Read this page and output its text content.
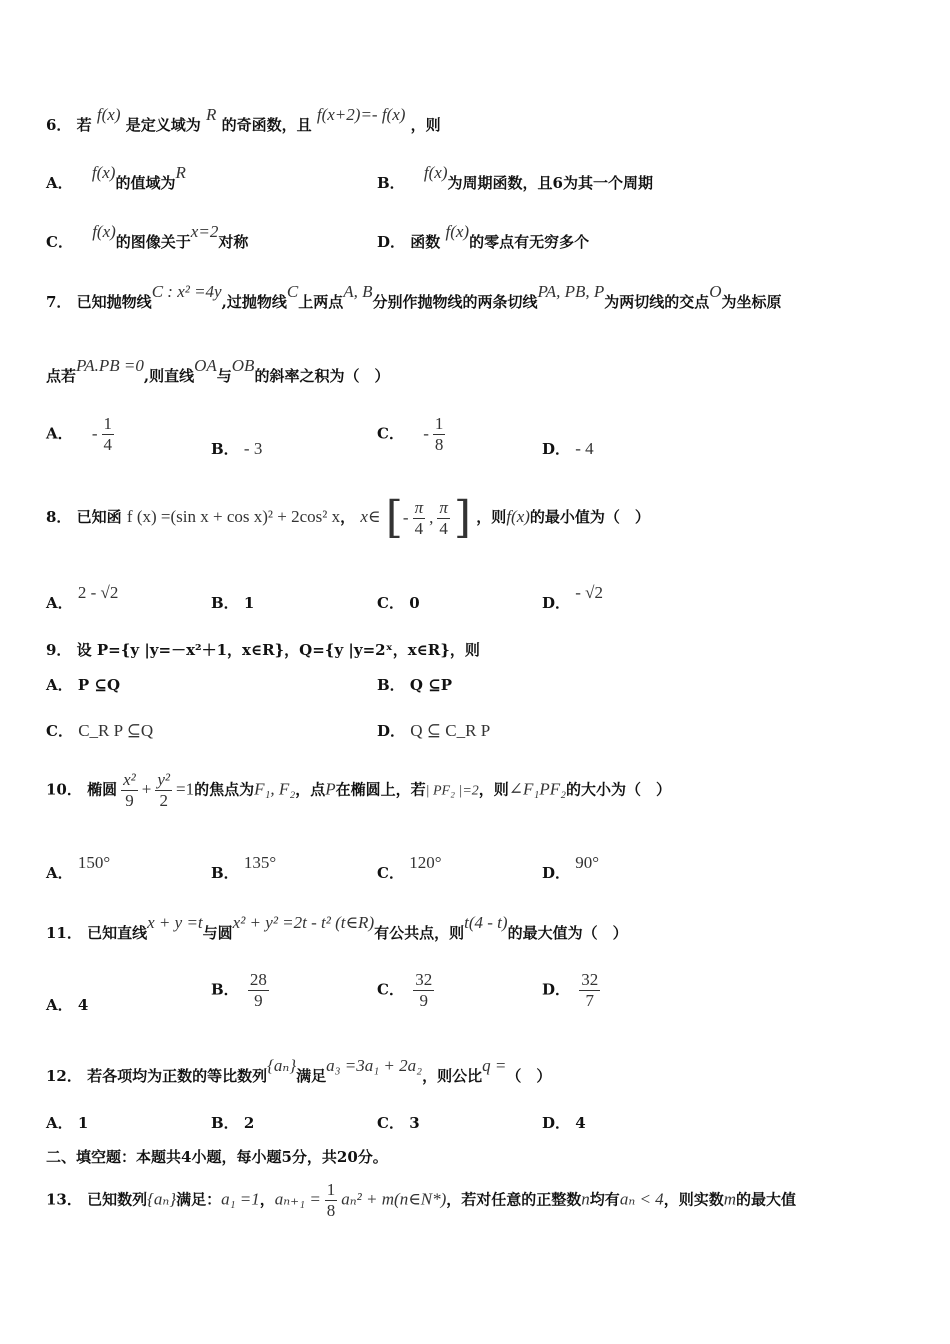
6． 若 f(x) 是定义域为 R 的奇函数，且 f(x+2)=- f(x) ，则
A． f(x)的值域为R
B． f(x)为周期函数，且6为其一个周期
C． f(x)的图像关于x=2对称	D． 函数 f(x)的零点有无穷多个
7． 已知抛物线C : x² =4y,过抛物线C上两点A, B分别作抛物线的两条切线PA, PB, P为两切线的交点O为坐标原
点若PA.PB =0,则直线OA与OB的斜率之积为（　）
A． - $\frac{1}{4}$	B． - 3
C． - $\frac{1}{8}$	D． - 4
8． 已知函 f (x) =(sin x + cos x)² + 2cos² x， x∈ [ - $\frac{\pi}{4}$ , $\frac{\pi}{4}$ ] ，则f(x)的最小值为（　）
A． 2 - √2
B． 1	C． 0	D． - √2
9． 设 P={y |y=－x²＋1，x∈R}，Q={y |y=2ˣ，x∈R}，则
A． P ⊆Q	B． Q ⊆P
C． C_R P ⊆Q	D． Q ⊆ C_R P
10． 椭圆 $\frac{\text{x²}}{9} + \frac{\text{y²}}{2} =1$的焦点为F₁, F₂，点P在椭圆上，若| PF₂ |=2，则∠F₁PF₂的大小为（　）
A． 150°
B． 135°
C． 120°
D． 90°
11． 已知直线x + y =t与圆x² + y² =2t - t² (t∈R)有公共点，则t(4 - t)的最大值为（　）
A． 4
B． $\frac{28}{9}$	C． $\frac{32}{9}$	D． $\frac{32}{7}$
12． 若各项均为正数的等比数列{aₙ}满足a₃ =3a₁ + 2a₂，则公比q =（　）
A． 1	B． 2	C． 3	D． 4
二、填空题：本题共4小题，每小题5分，共20分。
13． 已知数列{aₙ}满足：a₁ =1，$a_{n+1} = \frac{1}{8} a_n^2$ + m(n∈N*)，若对任意的正整数n均有aₙ < 4，则实数m的最大值
